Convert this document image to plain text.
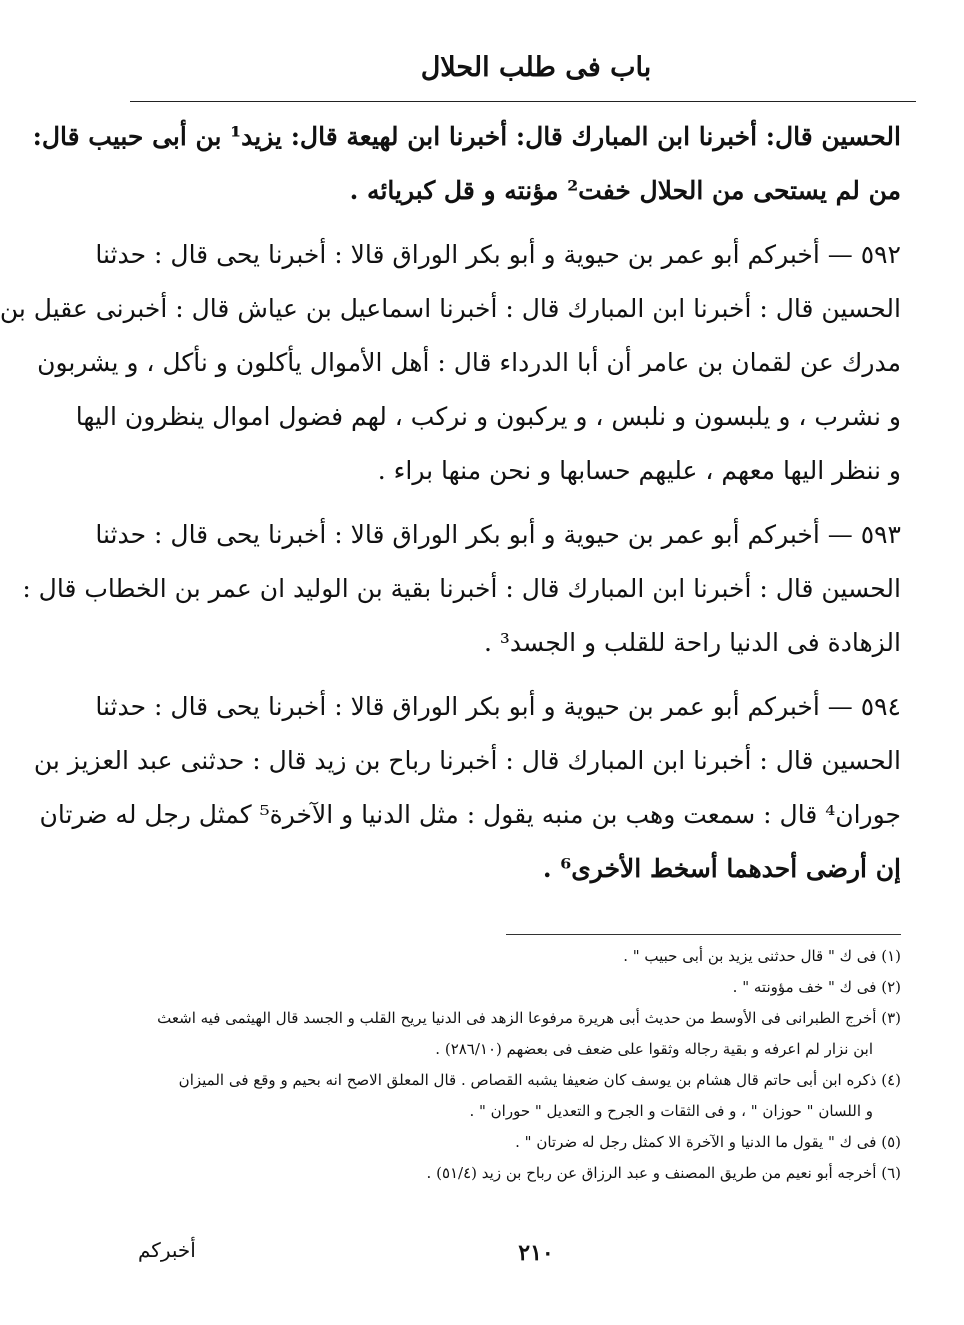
باب فى طلب الحلال
الحسين قال: أخبرنا ابن المبارك قال: أخبرنا ابن لهيعة قال: يزيد¹ بن أبى حبيب قال:
من لم يستحى من الحلال خفت² مؤنته و قل كبريائه .
٥٩٢ — أخبركم أبو عمر بن حيوية و أبو بكر الوراق قالا : أخبرنا يحى قال : حدثنا
الحسين قال : أخبرنا ابن المبارك قال : أخبرنا اسماعيل بن عياش قال : أخبرنى عقيل بن
مدرك عن لقمان بن عامر أن أبا الدرداء قال : أهل الأموال يأكلون و نأكل ، و يشربون
و نشرب ، و يلبسون و نلبس ، و يركبون و نركب ، لهم فضول اموال ينظرون اليها
و ننظر اليها معهم ، عليهم حسابها و نحن منها براء .
٥٩٣ — أخبركم أبو عمر بن حيوية و أبو بكر الوراق قالا : أخبرنا يحى قال : حدثنا
الحسين قال : أخبرنا ابن المبارك قال : أخبرنا بقية بن الوليد ان عمر بن الخطاب قال :
الزهادة فى الدنيا راحة للقلب و الجسد³ .
٥٩٤ — أخبركم أبو عمر بن حيوية و أبو بكر الوراق قالا : أخبرنا يحى قال : حدثنا
الحسين قال : أخبرنا ابن المبارك قال : أخبرنا رباح بن زيد قال : حدثنى عبد العزيز بن
جوران⁴ قال : سمعت وهب بن منبه يقول : مثل الدنيا و الآخرة⁵ كمثل رجل له ضرتان
إن أرضى أحدهما أسخط الأخرى⁶ .
(١) فى ك " قال حدثنى يزيد بن أبى حبيب " .
(٢) فى ك " خف مؤونته " .
(٣) أخرج الطبرانى فى الأوسط من حديث أبى هريرة مرفوعا الزهد فى الدنيا يريح القلب و الجسد قال الهيثمى فيه اشعث
ابن نزار لم اعرفه و بقية رجاله وثقوا على ضعف فى بعضهم (٢٨٦/١٠) .
(٤) ذكره ابن أبى حاتم قال هشام بن يوسف كان ضعيفا يشبه القصاص . قال المعلق الاصح انه بحيم و وقع فى الميزان
و اللسان " حوزان " ، و فى الثقات و الجرح و التعديل " حوران " .
(٥) فى ك " يقول ما الدنيا و الآخرة الا كمثل رجل له ضرتان " .
(٦) أخرجه أبو نعيم من طريق المصنف و عبد الرزاق عن رباح بن زيد (٥١/٤) .
٢١٠
أخبركم
